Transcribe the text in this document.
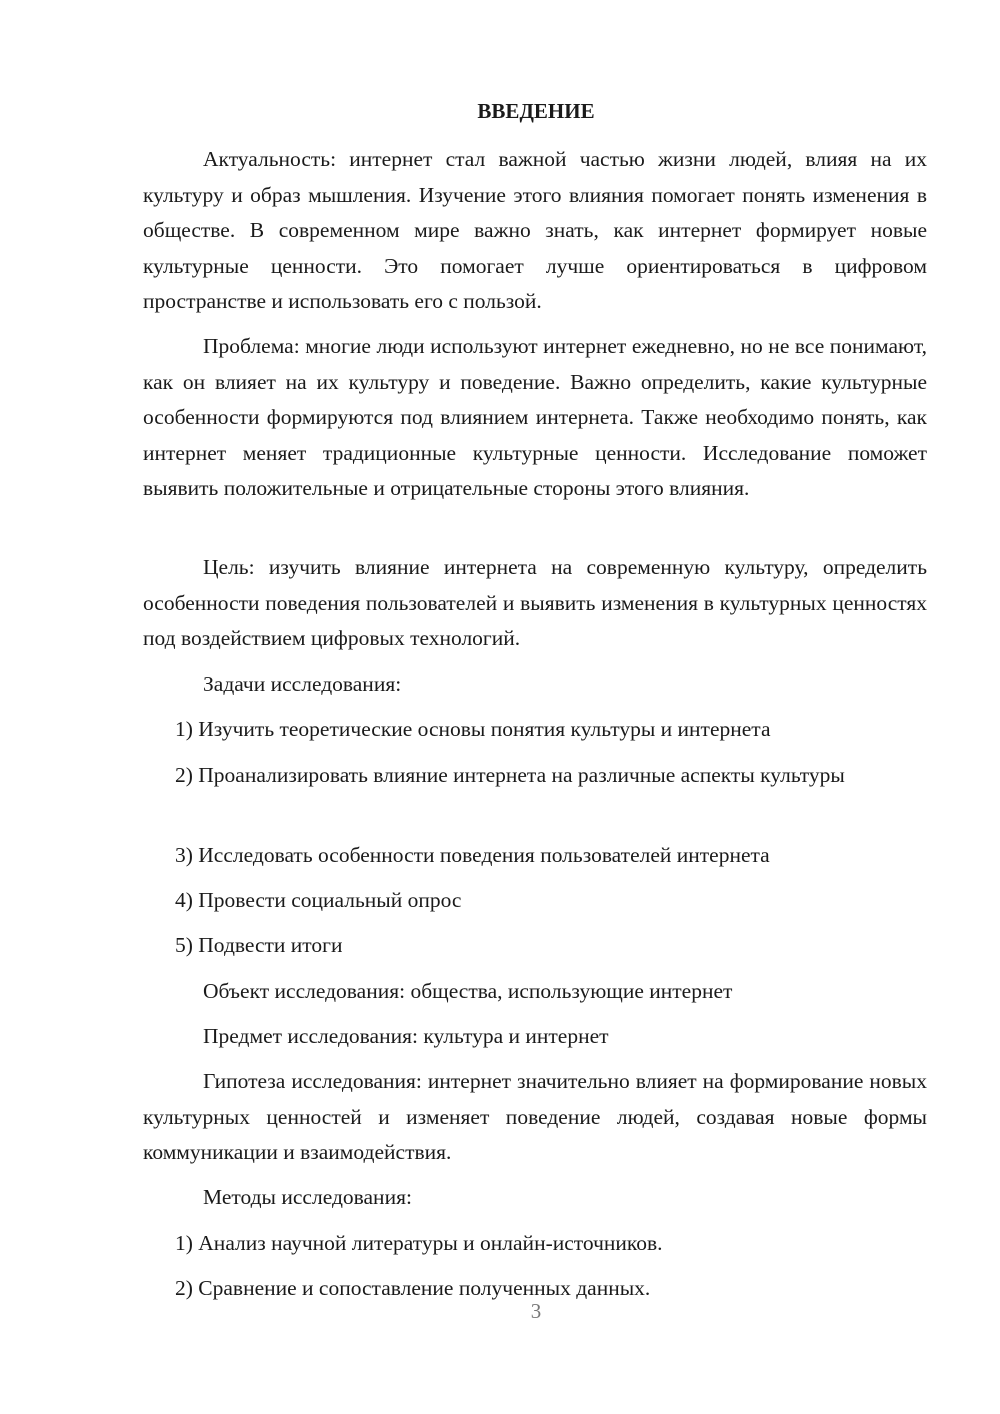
ВВЕДЕНИЕ

Актуальность: интернет стал важной частью жизни людей, влияя на их культуру и образ мышления. Изучение этого влияния помогает понять изменения в обществе. В современном мире важно знать, как интернет формирует новые культурные ценности. Это помогает лучше ориентироваться в цифровом пространстве и использовать его с пользой.

Проблема: многие люди используют интернет ежедневно, но не все понимают, как он влияет на их культуру и поведение. Важно определить, какие культурные особенности формируются под влиянием интернета. Также необходимо понять, как интернет меняет традиционные культурные ценности. Исследование поможет выявить положительные и отрицательные стороны этого влияния.

Цель: изучить влияние интернета на современную культуру, определить особенности поведения пользователей и выявить изменения в культурных ценностях под воздействием цифровых технологий.

Задачи исследования:

1) Изучить теоретические основы понятия культуры и интернета

2) Проанализировать влияние интернета на различные аспекты культуры

3) Исследовать особенности поведения пользователей интернета

4) Провести социальный опрос

5) Подвести итоги

Объект исследования: общества, использующие интернет

Предмет исследования: культура и интернет

Гипотеза исследования: интернет значительно влияет на формирование новых культурных ценностей и изменяет поведение людей, создавая новые формы коммуникации и взаимодействия.

Методы исследования:

1) Анализ научной литературы и онлайн-источников.

2) Сравнение и сопоставление полученных данных.

3
